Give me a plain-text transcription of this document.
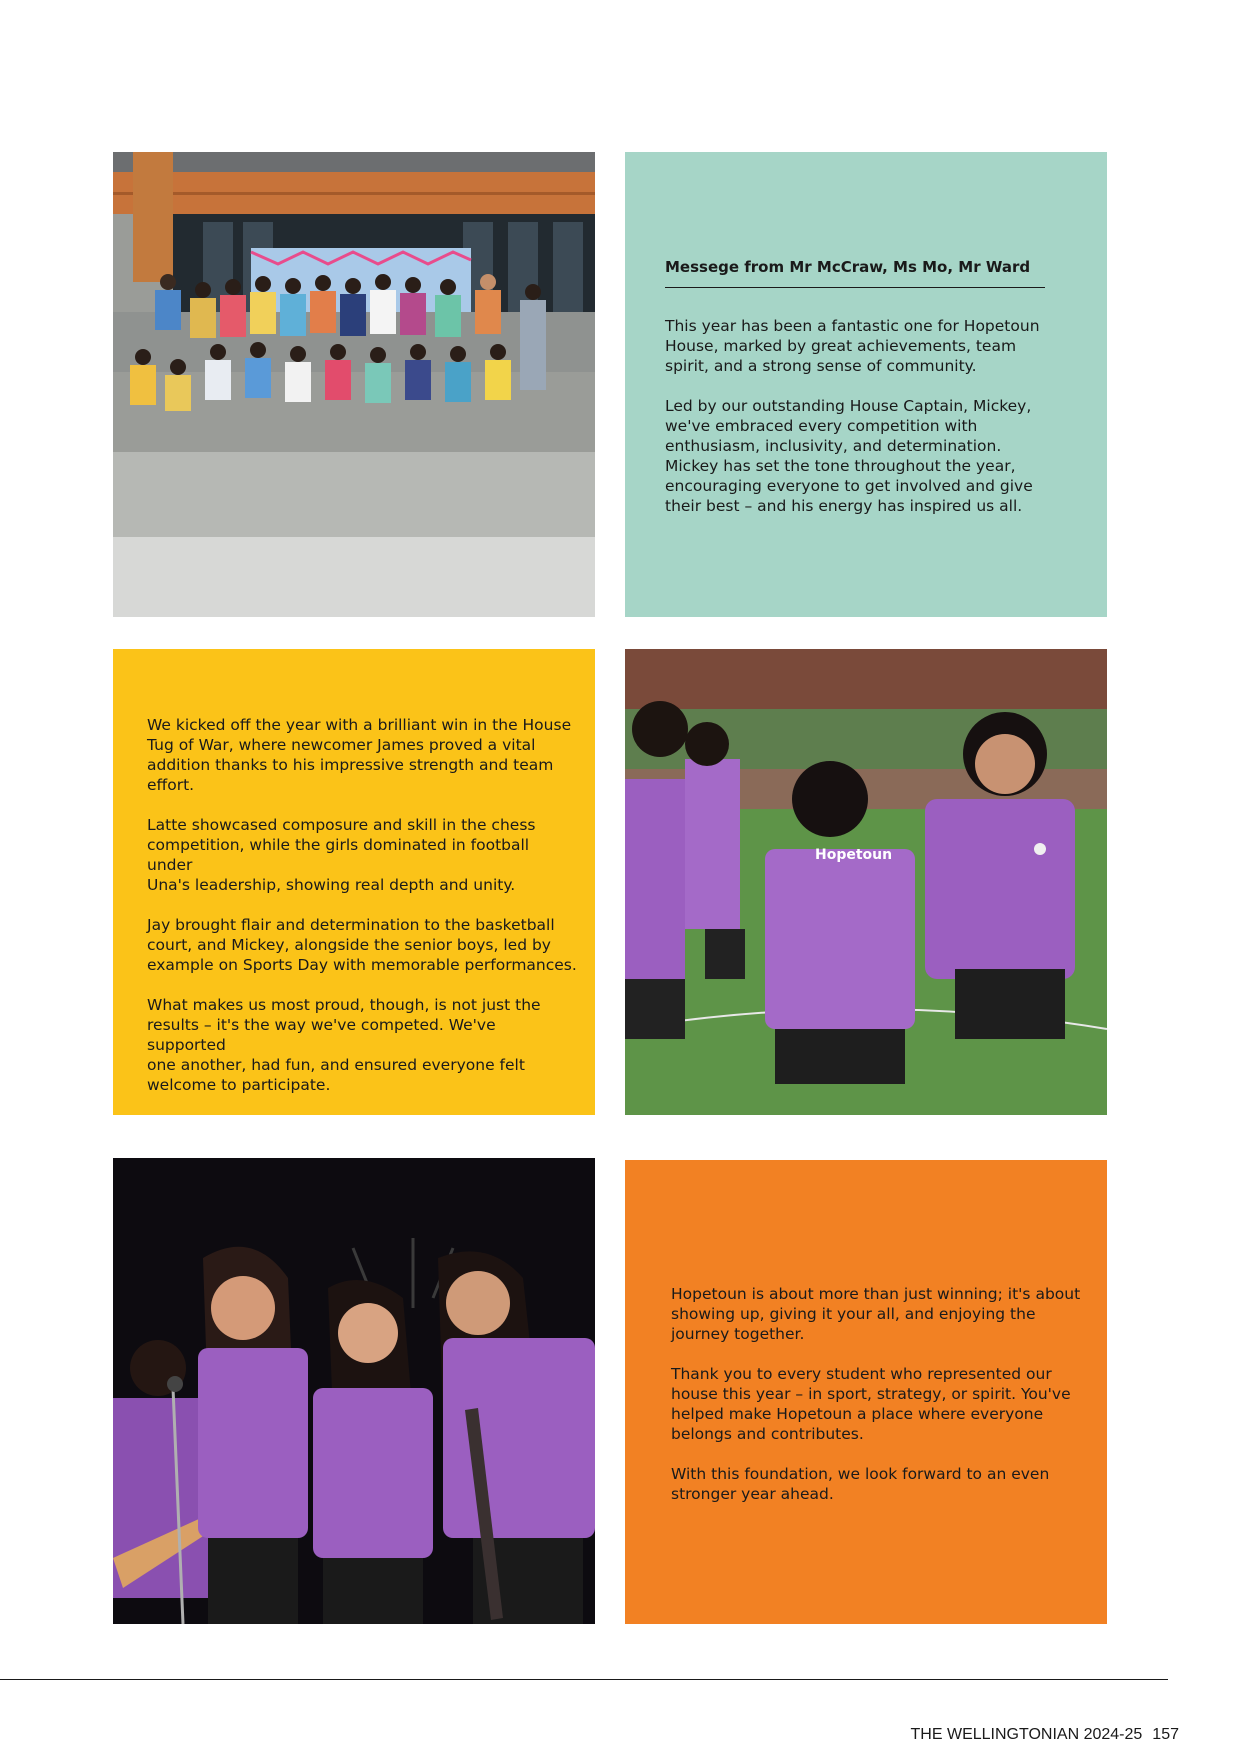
Messege from Mr McCraw, Ms Mo, Mr Ward

This year has been a fantastic one for Hopetoun
House, marked by great achievements, team
spirit, and a strong sense of community.

Led by our outstanding House Captain, Mickey,
we've embraced every competition with
enthusiasm, inclusivity, and determination.
Mickey has set the tone throughout the year,
encouraging everyone to get involved and give
their best – and his energy has inspired us all.

We kicked off the year with a brilliant win in the House
Tug of War, where newcomer James proved a vital
addition thanks to his impressive strength and team
effort.

Latte showcased composure and skill in the chess
competition, while the girls dominated in football under
Una's leadership, showing real depth and unity.

Jay brought flair and determination to the basketball
court, and Mickey, alongside the senior boys, led by
example on Sports Day with memorable performances.

What makes us most proud, though, is not just the
results – it's the way we've competed. We've supported
one another, had fun, and ensured everyone felt
welcome to participate.

Hopetoun

Hopetoun is about more than just winning; it's about
showing up, giving it your all, and enjoying the
journey together.

Thank you to every student who represented our
house this year – in sport, strategy, or spirit. You've
helped make Hopetoun a place where everyone
belongs and contributes.

With this foundation, we look forward to an even
stronger year ahead.

THE WELLINGTONIAN 2024-25 157
